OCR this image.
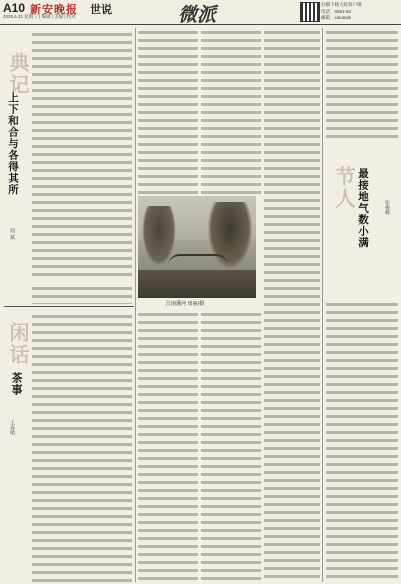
A10 新安晚报 世说
2025.5.21 星期三 | 编辑 | 美编 | 校对	微派	扫描下载大皖客户端
电话：0551-62
邮箱：xinanwb
典记
上下和合与各得其所
周 斌
闲话
茶事
王春晴
江南溪河 田丽/摄
节人 最接地气数小满	张俊峰
